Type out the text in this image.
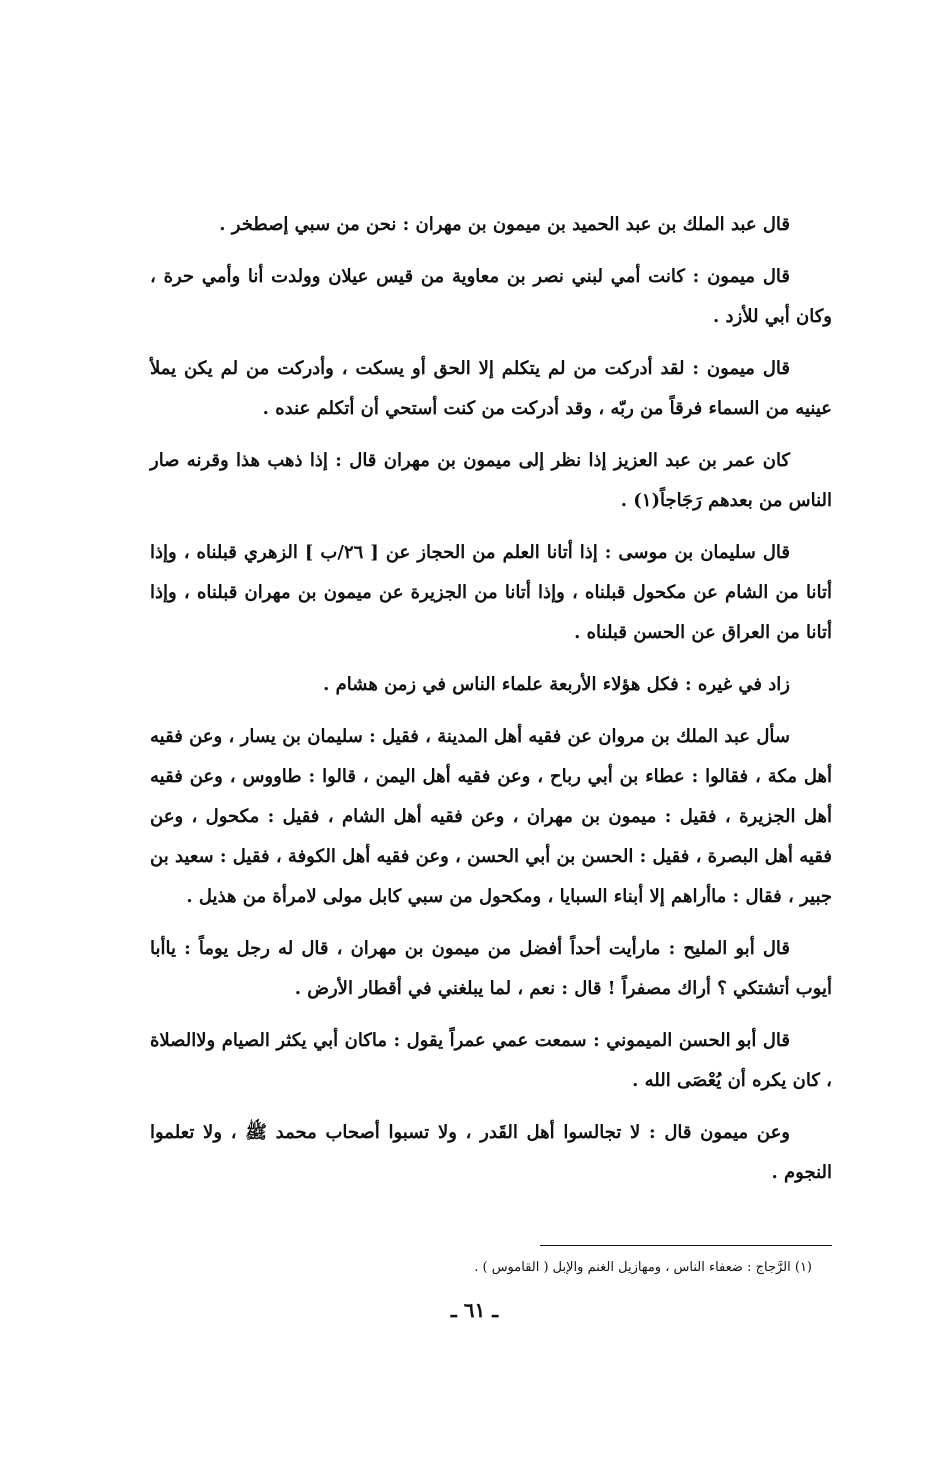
قال عبد الملك بن عبد الحميد بن ميمون بن مهران : نحن من سبي إصطخر .

قال ميمون : كانت أمي لبني نصر بن معاوية من قيس عيلان وولدت أنا وأمي حرة ، وكان أبي للأزد .

قال ميمون : لقد أدركت من لم يتكلم إلا الحق أو يسكت ، وأدركت من لم يكن يملأ عينيه من السماء فرقاً من ربّه ، وقد أدركت من كنت أستحي أن أتكلم عنده .

كان عمر بن عبد العزيز إذا نظر إلى ميمون بن مهران قال : إذا ذهب هذا وقرنه صار الناس من بعدهم رَجَاجاً(١) .

قال سليمان بن موسى : إذا أتانا العلم من الحجاز عن [ ٢٦/ب ] الزهري قبلناه ، وإذا أتانا من الشام عن مكحول قبلناه ، وإذا أتانا من الجزيرة عن ميمون بن مهران قبلناه ، وإذا أتانا من العراق عن الحسن قبلناه .

زاد في غيره : فكل هؤلاء الأربعة علماء الناس في زمن هشام .

سأل عبد الملك بن مروان عن فقيه أهل المدينة ، فقيل : سليمان بن يسار ، وعن فقيه أهل مكة ، فقالوا : عطاء بن أبي رباح ، وعن فقيه أهل اليمن ، قالوا : طاووس ، وعن فقيه أهل الجزيرة ، فقيل : ميمون بن مهران ، وعن فقيه أهل الشام ، فقيل : مكحول ، وعن فقيه أهل البصرة ، فقيل : الحسن بن أبي الحسن ، وعن فقيه أهل الكوفة ، فقيل : سعيد بن جبير ، فقال : ماأراهم إلا أبناء السبايا ، ومكحول من سبي كابل مولى لامرأة من هذيل .

قال أبو المليح : مارأيت أحداً أفضل من ميمون بن مهران ، قال له رجل يوماً : ياأبا أيوب أتشتكي ؟ أراك مصفراً ! قال : نعم ، لما يبلغني في أقطار الأرض .

قال أبو الحسن الميموني : سمعت عمي عمراً يقول : ماكان أبي يكثر الصيام ولاالصلاة ، كان يكره أن يُعْصَى الله .

وعن ميمون قال : لا تجالسوا أهل القَدر ، ولا تسبوا أصحاب محمد ﷺ ، ولا تعلموا النجوم .

(١) الرَّجاج : ضعفاء الناس ، ومهازيل الغنم والإبل ( القاموس ) .
ـ ٦١ ـ
